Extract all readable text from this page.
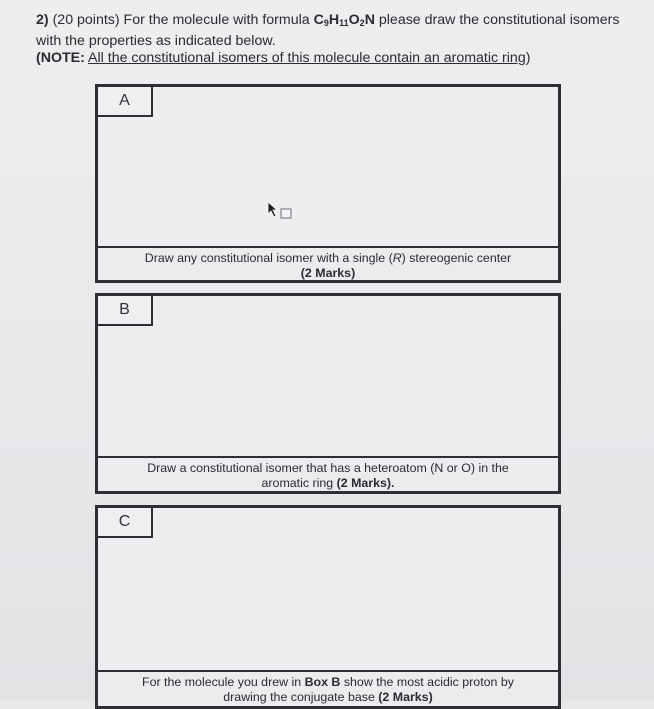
2) (20 points) For the molecule with formula $C_9H_{11}O_2N$ please draw the constitutional isomers with the properties as indicated below.
(NOTE: All the constitutional isomers of this molecule contain an aromatic ring)
A
Draw any constitutional isomer with a single (R) stereogenic center
(2 Marks)
B
Draw a constitutional isomer that has a heteroatom (N or O) in the
aromatic ring (2 Marks).
C
For the molecule you drew in Box B show the most acidic proton by
drawing the conjugate base (2 Marks)
